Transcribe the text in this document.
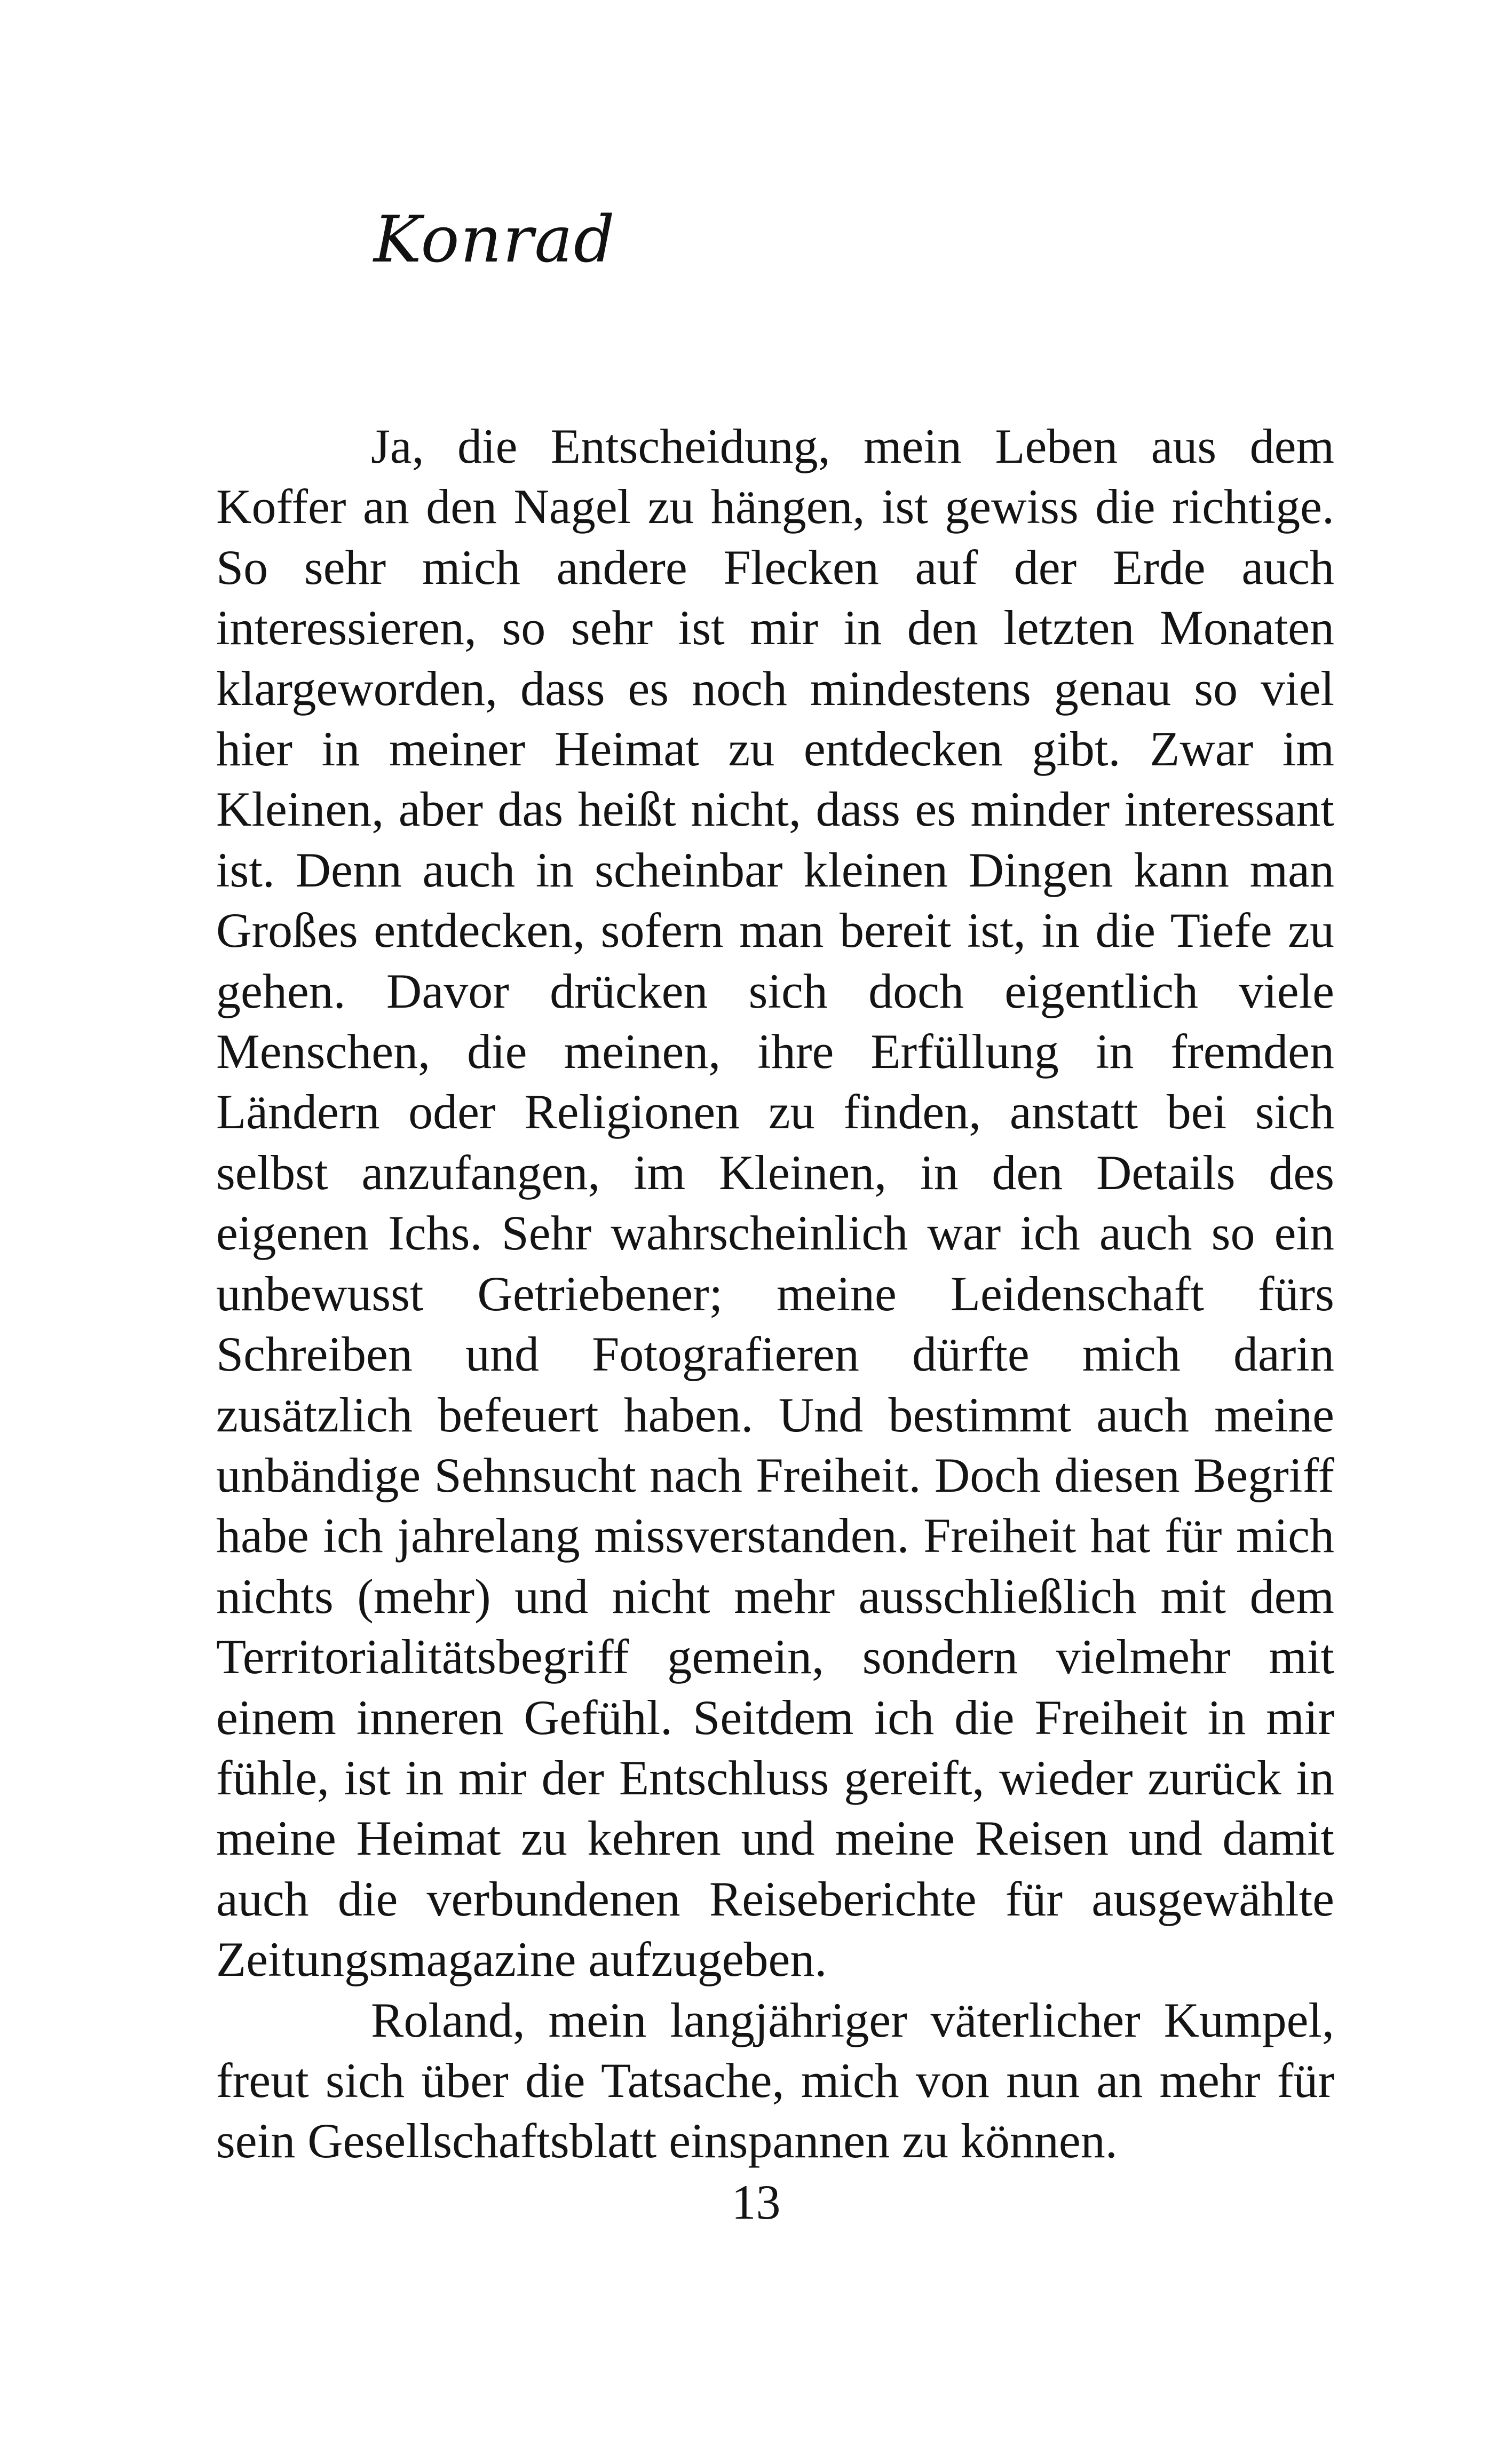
Konrad

Ja, die Entscheidung, mein Leben aus dem Koffer an den Nagel zu hängen, ist gewiss die richtige. So sehr mich andere Flecken auf der Erde auch interessieren, so sehr ist mir in den letzten Monaten klargeworden, dass es noch mindestens genau so viel hier in meiner Heimat zu entdecken gibt. Zwar im Kleinen, aber das heißt nicht, dass es minder interessant ist. Denn auch in scheinbar kleinen Dingen kann man Großes entdecken, sofern man bereit ist, in die Tiefe zu gehen. Davor drücken sich doch eigentlich viele Menschen, die meinen, ihre Erfüllung in fremden Ländern oder Religionen zu finden, anstatt bei sich selbst anzufangen, im Kleinen, in den Details des eigenen Ichs. Sehr wahrscheinlich war ich auch so ein unbewusst Getriebener; meine Leidenschaft fürs Schreiben und Fotografieren dürfte mich darin zusätzlich befeuert haben. Und bestimmt auch meine unbändige Sehnsucht nach Freiheit. Doch diesen Begriff habe ich jahrelang missverstanden. Freiheit hat für mich nichts (mehr) und nicht mehr ausschließlich mit dem Territorialitätsbegriff gemein, sondern vielmehr mit einem inneren Gefühl. Seitdem ich die Freiheit in mir fühle, ist in mir der Entschluss gereift, wieder zurück in meine Heimat zu kehren und meine Reisen und damit auch die verbundenen Reiseberichte für ausgewählte Zeitungsmagazine aufzugeben.

Roland, mein langjähriger väterlicher Kumpel, freut sich über die Tatsache, mich von nun an mehr für sein Gesellschaftsblatt einspannen zu können.

13
